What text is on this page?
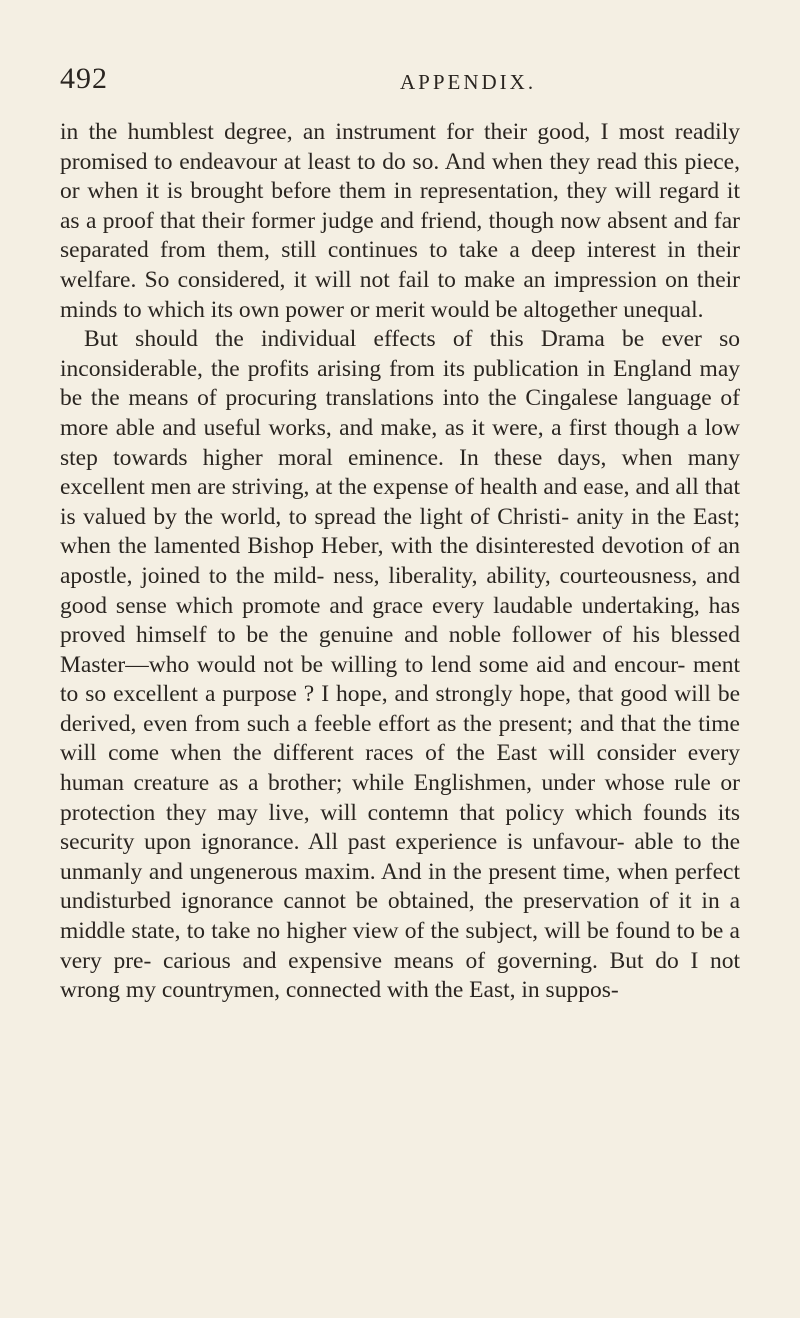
492	APPENDIX.

in the humblest degree, an instrument for their good, I most readily promised to endeavour at least to do so. And when they read this piece, or when it is brought before them in representation, they will regard it as a proof that their former judge and friend, though now absent and far separated from them, still continues to take a deep interest in their welfare. So considered, it will not fail to make an impression on their minds to which its own power or merit would be altogether unequal.

But should the individual effects of this Drama be ever so inconsiderable, the profits arising from its publication in England may be the means of procuring translations into the Cingalese language of more able and useful works, and make, as it were, a first though a low step towards higher moral eminence. In these days, when many excellent men are striving, at the expense of health and ease, and all that is valued by the world, to spread the light of Christi- anity in the East; when the lamented Bishop Heber, with the disinterested devotion of an apostle, joined to the mild- ness, liberality, ability, courteousness, and good sense which promote and grace every laudable undertaking, has proved himself to be the genuine and noble follower of his blessed Master—who would not be willing to lend some aid and encour- ment to so excellent a purpose ? I hope, and strongly hope, that good will be derived, even from such a feeble effort as the present; and that the time will come when the different races of the East will consider every human creature as a brother; while Englishmen, under whose rule or protection they may live, will contemn that policy which founds its security upon ignorance. All past experience is unfavour- able to the unmanly and ungenerous maxim. And in the present time, when perfect undisturbed ignorance cannot be obtained, the preservation of it in a middle state, to take no higher view of the subject, will be found to be a very pre- carious and expensive means of governing. But do I not wrong my countrymen, connected with the East, in suppos-
